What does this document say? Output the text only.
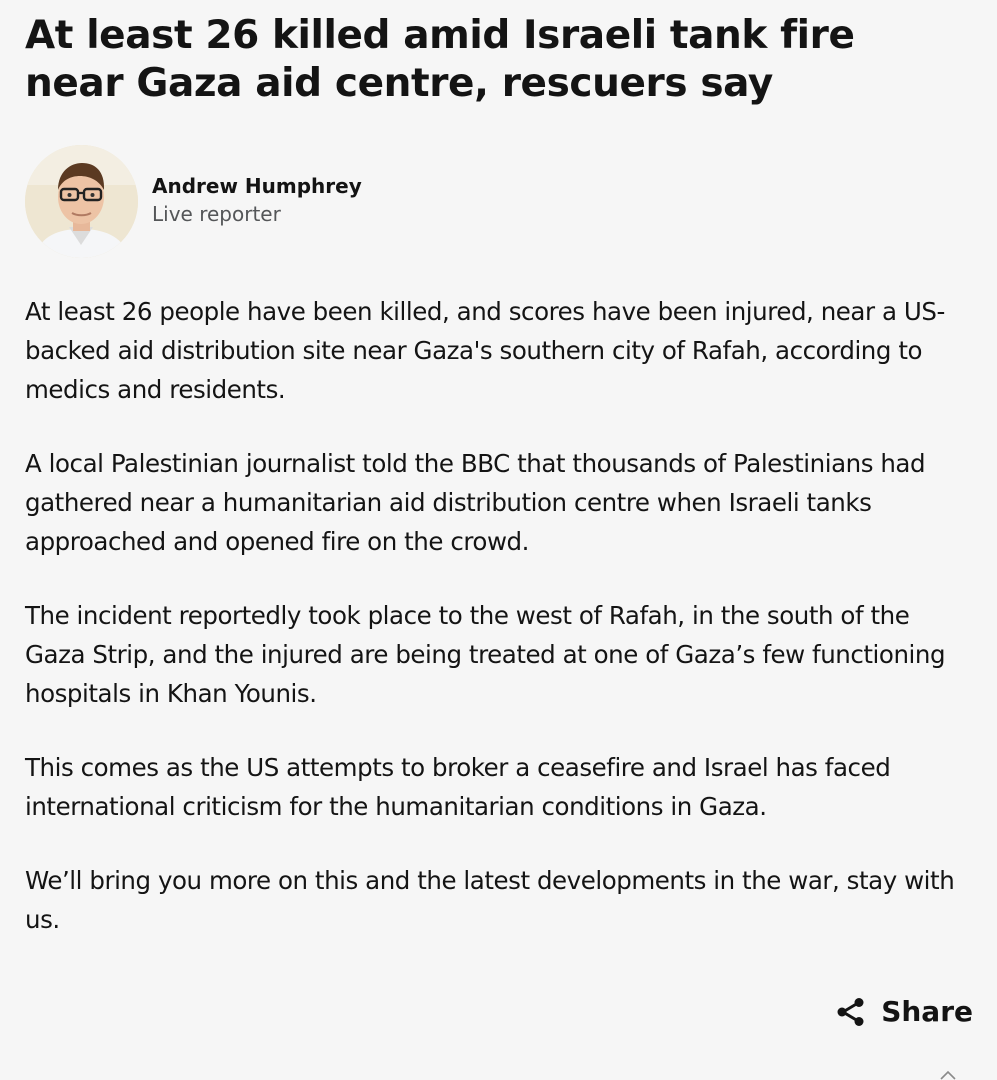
At least 26 killed amid Israeli tank fire near Gaza aid centre, rescuers say
Andrew Humphrey
Live reporter

At least 26 people have been killed, and scores have been injured, near a US-backed aid distribution site near Gaza's southern city of Rafah, according to medics and residents.

A local Palestinian journalist told the BBC that thousands of Palestinians had gathered near a humanitarian aid distribution centre when Israeli tanks approached and opened fire on the crowd.

The incident reportedly took place to the west of Rafah, in the south of the Gaza Strip, and the injured are being treated at one of Gaza’s few functioning hospitals in Khan Younis.

This comes as the US attempts to broker a ceasefire and Israel has faced international criticism for the humanitarian conditions in Gaza.

We’ll bring you more on this and the latest developments in the war, stay with us.

Share
